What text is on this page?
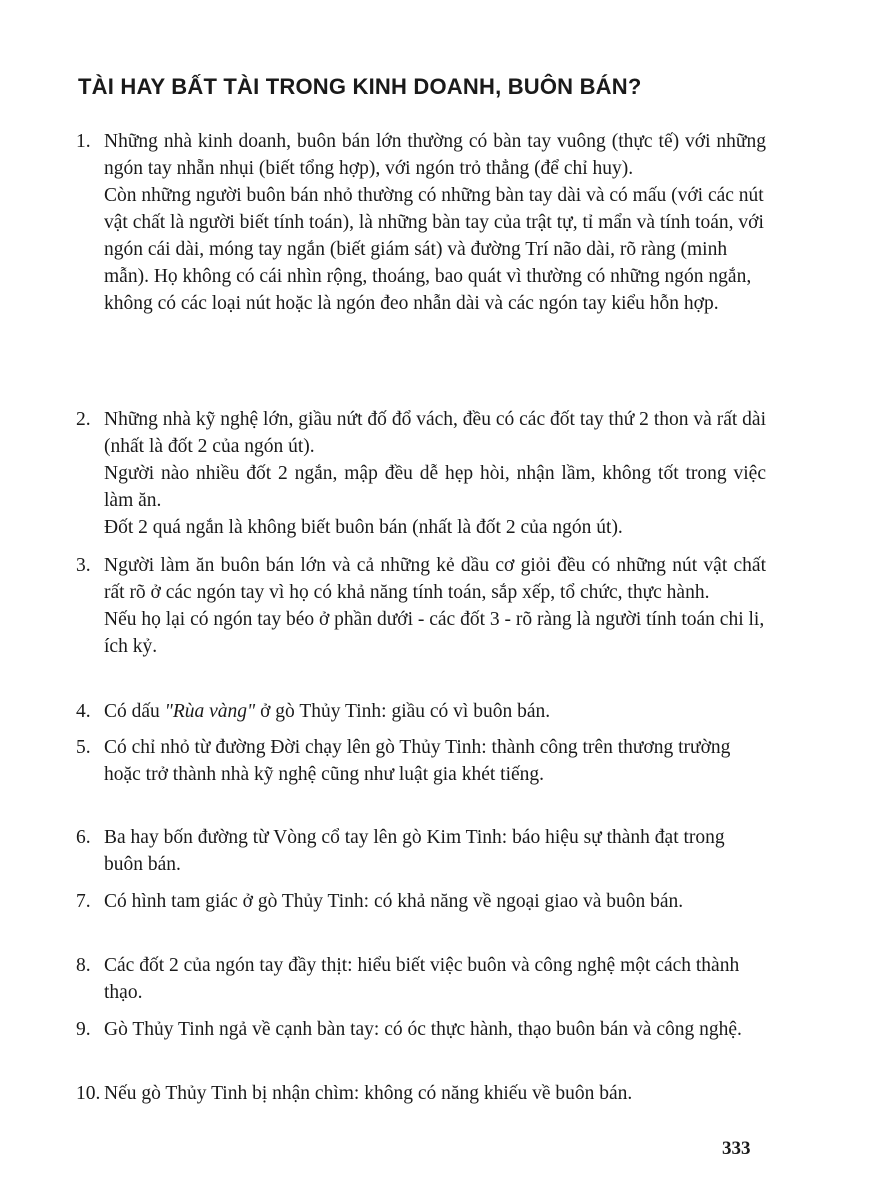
TÀI HAY BẤT TÀI TRONG KINH DOANH, BUÔN BÁN?
1. Những nhà kinh doanh, buôn bán lớn thường có bàn tay vuông (thực tế) với những ngón tay nhẵn nhụi (biết tổng hợp), với ngón trỏ thẳng (để chỉ huy).

Còn những người buôn bán nhỏ thường có những bàn tay dài và có mấu (với các nút vật chất là người biết tính toán), là những bàn tay của trật tự, tỉ mẩn và tính toán, với ngón cái dài, móng tay ngắn (biết giám sát) và đường Trí não dài, rõ ràng (minh mẫn). Họ không có cái nhìn rộng, thoáng, bao quát vì thường có những ngón ngắn, không có các loại nút hoặc là ngón đeo nhẫn dài và các ngón tay kiểu hỗn hợp.

2. Những nhà kỹ nghệ lớn, giầu nứt đố đổ vách, đều có các đốt tay thứ 2 thon và rất dài (nhất là đốt 2 của ngón út).

Người nào nhiều đốt 2 ngắn, mập đều dễ hẹp hòi, nhận lầm, không tốt trong việc làm ăn.

Đốt 2 quá ngắn là không biết buôn bán (nhất là đốt 2 của ngón út).

3. Người làm ăn buôn bán lớn và cả những kẻ dầu cơ giỏi đều có những nút vật chất rất rõ ở các ngón tay vì họ có khả năng tính toán, sắp xếp, tổ chức, thực hành.

Nếu họ lại có ngón tay béo ở phần dưới - các đốt 3 - rõ ràng là người tính toán chi li, ích kỷ.

4. Có dấu "Rùa vàng" ở gò Thủy Tinh: giầu có vì buôn bán.

5. Có chỉ nhỏ từ đường Đời chạy lên gò Thủy Tinh: thành công trên thương trường hoặc trở thành nhà kỹ nghệ cũng như luật gia khét tiếng.

6. Ba hay bốn đường từ Vòng cổ tay lên gò Kim Tinh: báo hiệu sự thành đạt trong buôn bán.

7. Có hình tam giác ở gò Thủy Tinh: có khả năng về ngoại giao và buôn bán.

8. Các đốt 2 của ngón tay đầy thịt: hiểu biết việc buôn và công nghệ một cách thành thạo.

9. Gò Thủy Tinh ngả về cạnh bàn tay: có óc thực hành, thạo buôn bán và công nghệ.

10. Nếu gò Thủy Tinh bị nhận chìm: không có năng khiếu về buôn bán.

333
